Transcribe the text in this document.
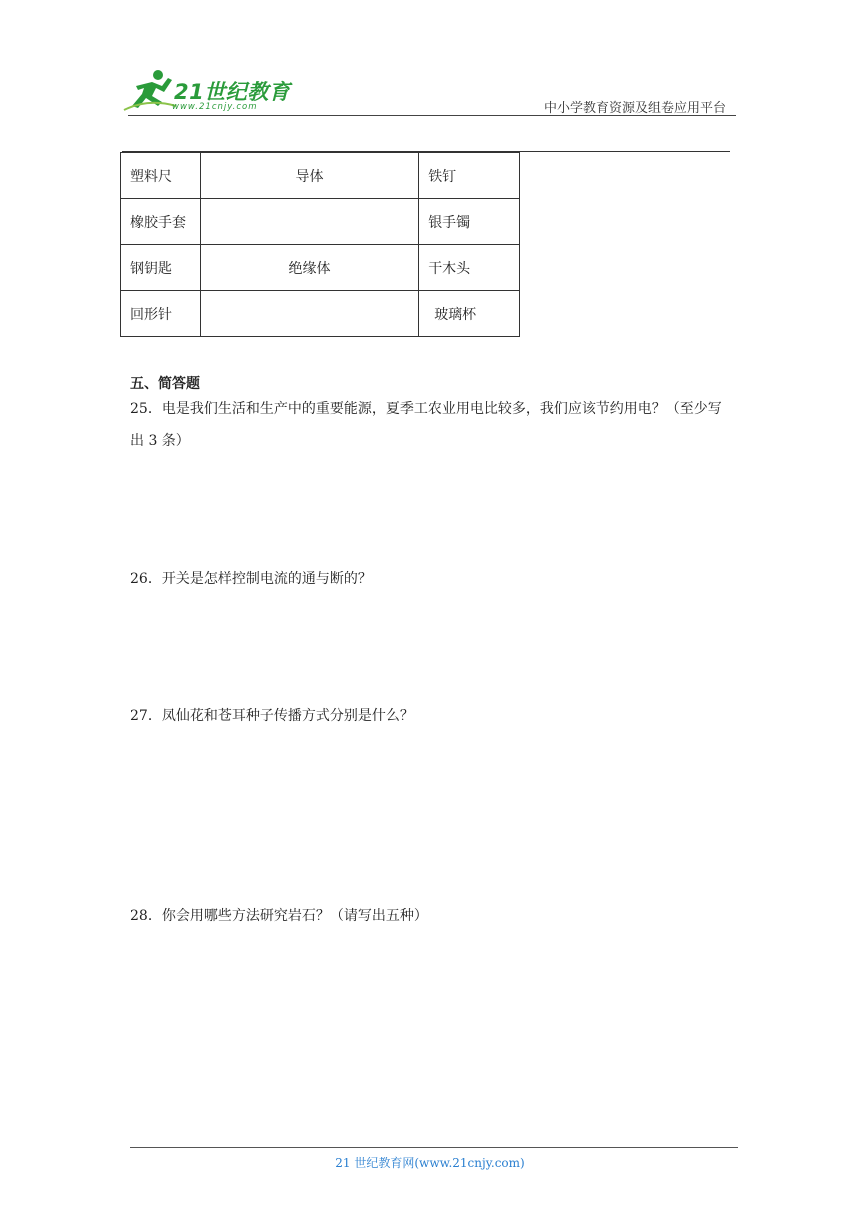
21世纪教育
www.21cnjy.com	中小学教育资源及组卷应用平台
塑料尺	导体	铁钉
橡胶手套		银手镯
钢钥匙	绝缘体	干木头
回形针		玻璃杯
五、简答题
25．电是我们生活和生产中的重要能源，夏季工农业用电比较多，我们应该节约用电？（至少写出 3 条）
26．开关是怎样控制电流的通与断的？
27．凤仙花和苍耳种子传播方式分别是什么？
28．你会用哪些方法研究岩石？（请写出五种）
21 世纪教育网(www.21cnjy.com)
